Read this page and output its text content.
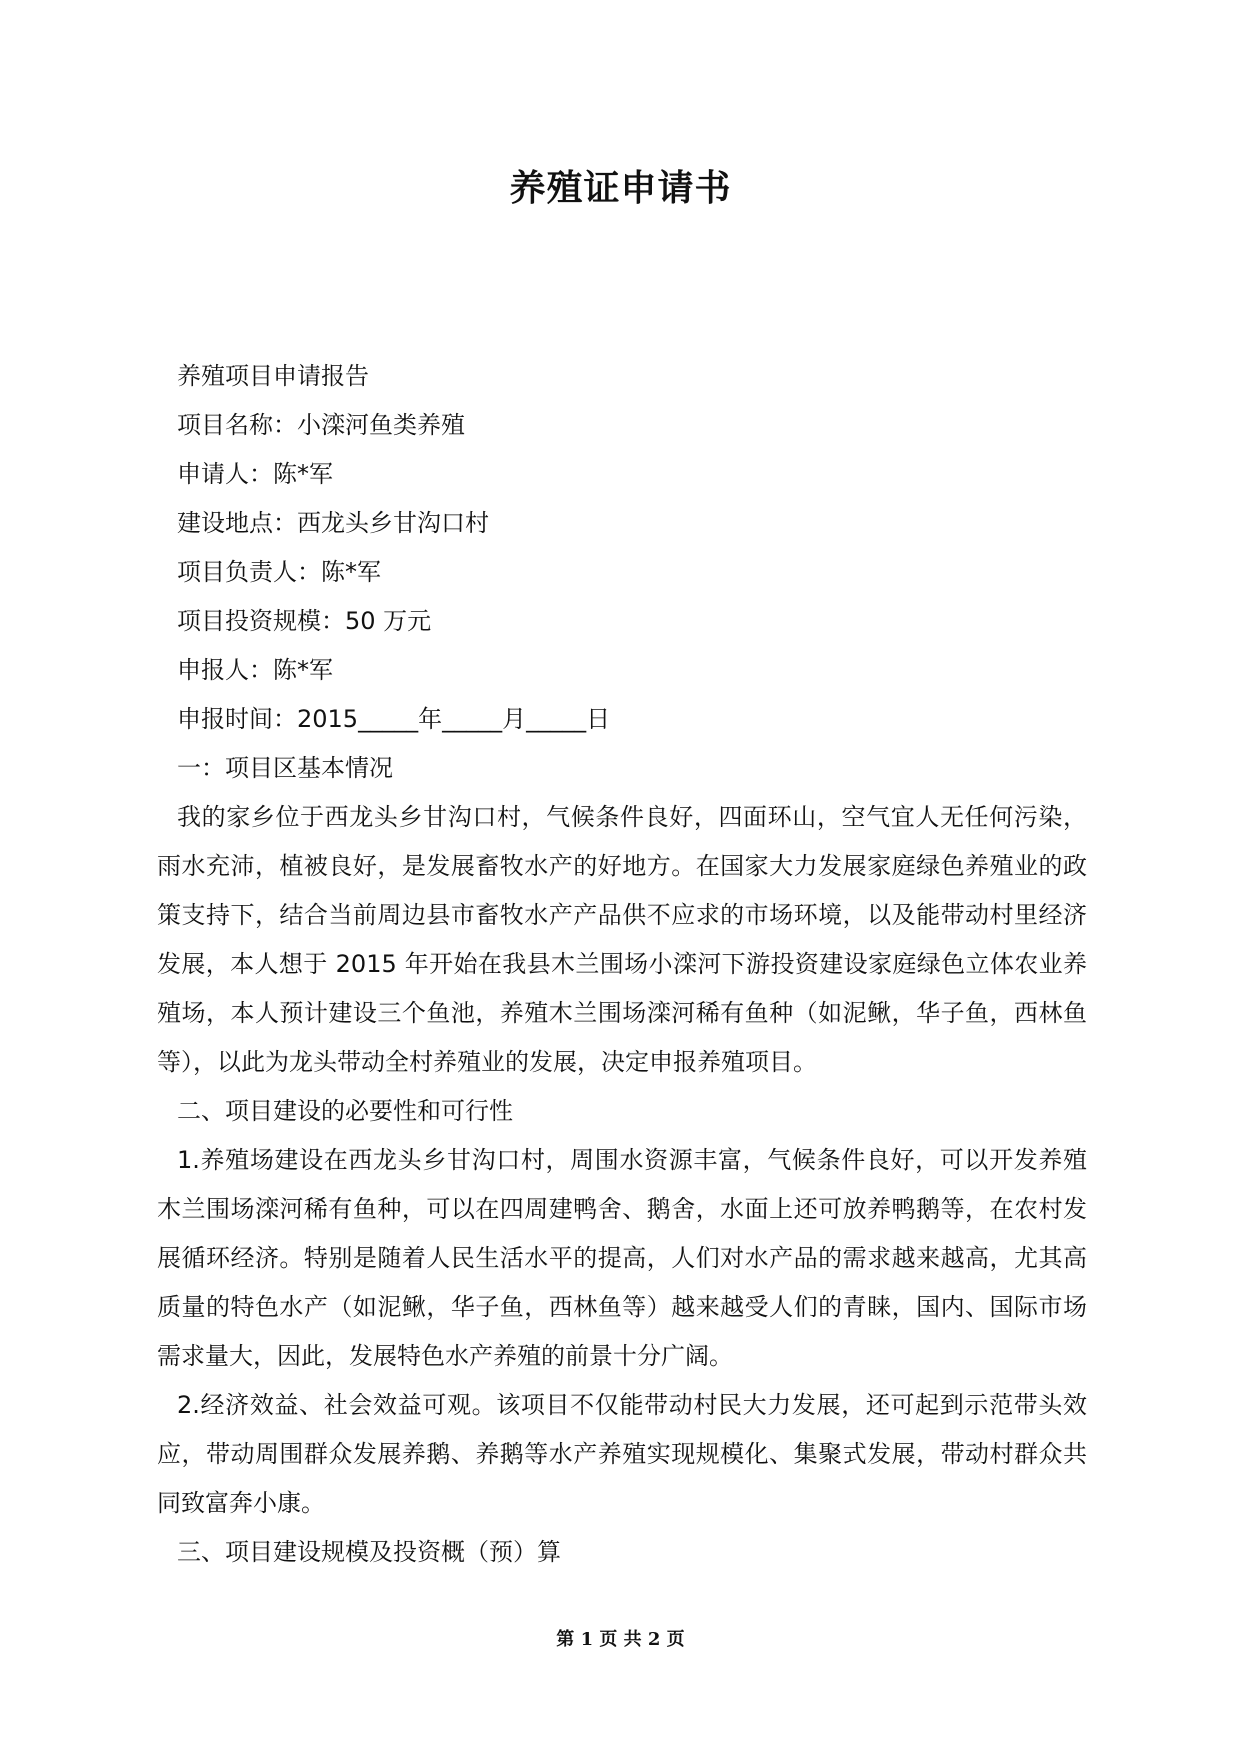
养殖证申请书

养殖项目申请报告

项目名称：小滦河鱼类养殖

申请人：陈*军

建设地点：西龙头乡甘沟口村

项目负责人：陈*军

项目投资规模：50 万元

申报人：陈*军

申报时间：2015_____年_____月_____日

一：项目区基本情况

我的家乡位于西龙头乡甘沟口村，气候条件良好，四面环山，空气宜人无任何污染，雨水充沛，植被良好，是发展畜牧水产的好地方。在国家大力发展家庭绿色养殖业的政策支持下，结合当前周边县市畜牧水产产品供不应求的市场环境，以及能带动村里经济发展，本人想于 2015 年开始在我县木兰围场小滦河下游投资建设家庭绿色立体农业养殖场，本人预计建设三个鱼池，养殖木兰围场滦河稀有鱼种（如泥鳅，华子鱼，西林鱼等），以此为龙头带动全村养殖业的发展，决定申报养殖项目。

二、项目建设的必要性和可行性

1.养殖场建设在西龙头乡甘沟口村，周围水资源丰富，气候条件良好，可以开发养殖木兰围场滦河稀有鱼种，可以在四周建鸭舍、鹅舍，水面上还可放养鸭鹅等，在农村发展循环经济。特别是随着人民生活水平的提高，人们对水产品的需求越来越高，尤其高质量的特色水产（如泥鳅，华子鱼，西林鱼等）越来越受人们的青睐，国内、国际市场需求量大，因此，发展特色水产养殖的前景十分广阔。

2.经济效益、社会效益可观。该项目不仅能带动村民大力发展，还可起到示范带头效应，带动周围群众发展养鹅、养鹅等水产养殖实现规模化、集聚式发展，带动村群众共同致富奔小康。

三、项目建设规模及投资概（预）算

第 1 页 共 2 页
